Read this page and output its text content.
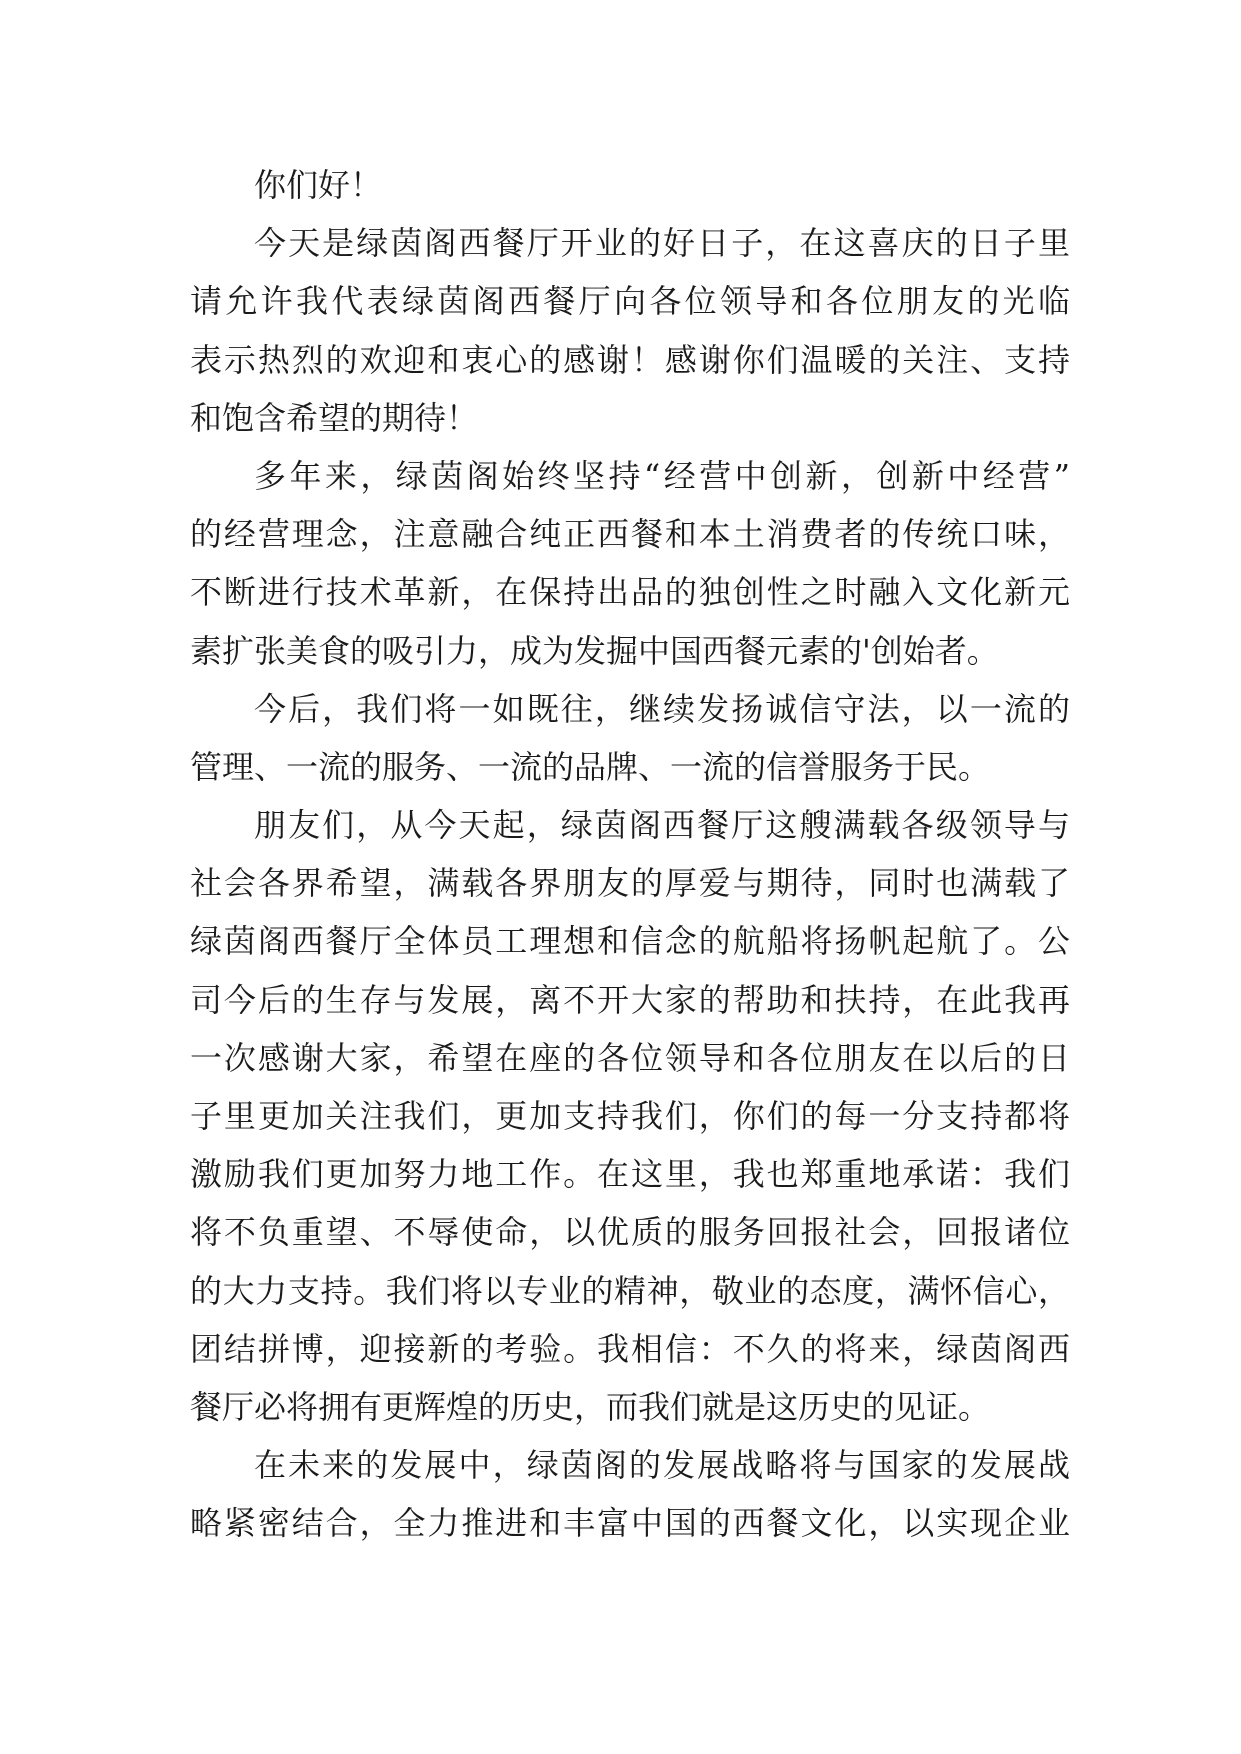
你们好！
今天是绿茵阁西餐厅开业的好日子，在这喜庆的日子里
请允许我代表绿茵阁西餐厅向各位领导和各位朋友的光临
表示热烈的欢迎和衷心的感谢！感谢你们温暖的关注、支持
和饱含希望的期待！
多年来，绿茵阁始终坚持“经营中创新，创新中经营”
的经营理念，注意融合纯正西餐和本土消费者的传统口味，
不断进行技术革新，在保持出品的独创性之时融入文化新元
素扩张美食的吸引力，成为发掘中国西餐元素的'创始者。
今后，我们将一如既往，继续发扬诚信守法，以一流的
管理、一流的服务、一流的品牌、一流的信誉服务于民。
朋友们，从今天起，绿茵阁西餐厅这艘满载各级领导与
社会各界希望，满载各界朋友的厚爱与期待，同时也满载了
绿茵阁西餐厅全体员工理想和信念的航船将扬帆起航了。公
司今后的生存与发展，离不开大家的帮助和扶持，在此我再
一次感谢大家，希望在座的各位领导和各位朋友在以后的日
子里更加关注我们，更加支持我们，你们的每一分支持都将
激励我们更加努力地工作。在这里，我也郑重地承诺：我们
将不负重望、不辱使命，以优质的服务回报社会，回报诸位
的大力支持。我们将以专业的精神，敬业的态度，满怀信心，
团结拼博，迎接新的考验。我相信：不久的将来，绿茵阁西
餐厅必将拥有更辉煌的历史，而我们就是这历史的见证。
在未来的发展中，绿茵阁的发展战略将与国家的发展战
略紧密结合，全力推进和丰富中国的西餐文化，以实现企业
